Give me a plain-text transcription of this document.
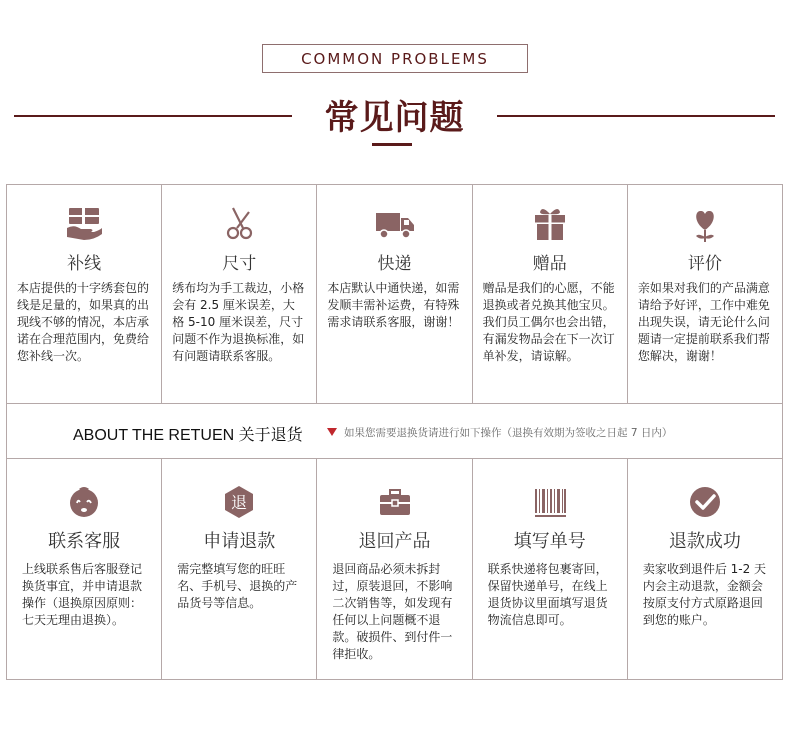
COMMON PROBLEMS
常见问题
补线
本店提供的十字绣套包的线是足量的，如果真的出现线不够的情况，本店承诺在合理范围内，免费给您补线一次。
尺寸
绣布均为手工裁边，小格会有 2.5 厘米误差，大格 5-10 厘米误差，尺寸问题不作为退换标准，如有问题请联系客服。
快递
本店默认中通快递，如需发顺丰需补运费，有特殊需求请联系客服，谢谢！
赠品
赠品是我们的心愿，不能退换或者兑换其他宝贝。我们员工偶尔也会出错，有漏发物品会在下一次订单补发，请谅解。
评价
亲如果对我们的产品满意请给予好评，工作中难免出现失误，请无论什么问题请一定提前联系我们帮您解决，谢谢！
ABOUT THE RETUEN 关于退货	如果您需要退换货请进行如下操作（退换有效期为签收之日起 7 日内）
联系客服
上线联系售后客服登记换货事宜，并申请退款操作（退换原因原则：七天无理由退换）。
退
申请退款
需完整填写您的旺旺名、手机号、退换的产品货号等信息。
退回产品
退回商品必须未拆封过，原装退回，不影响二次销售等，如发现有任何以上问题概不退款。破损件、到付件一律拒收。
填写单号
联系快递将包裹寄回，保留快递单号，在线上退货协议里面填写退货物流信息即可。
退款成功
卖家收到退件后 1-2 天内会主动退款，金额会按原支付方式原路退回到您的账户。
